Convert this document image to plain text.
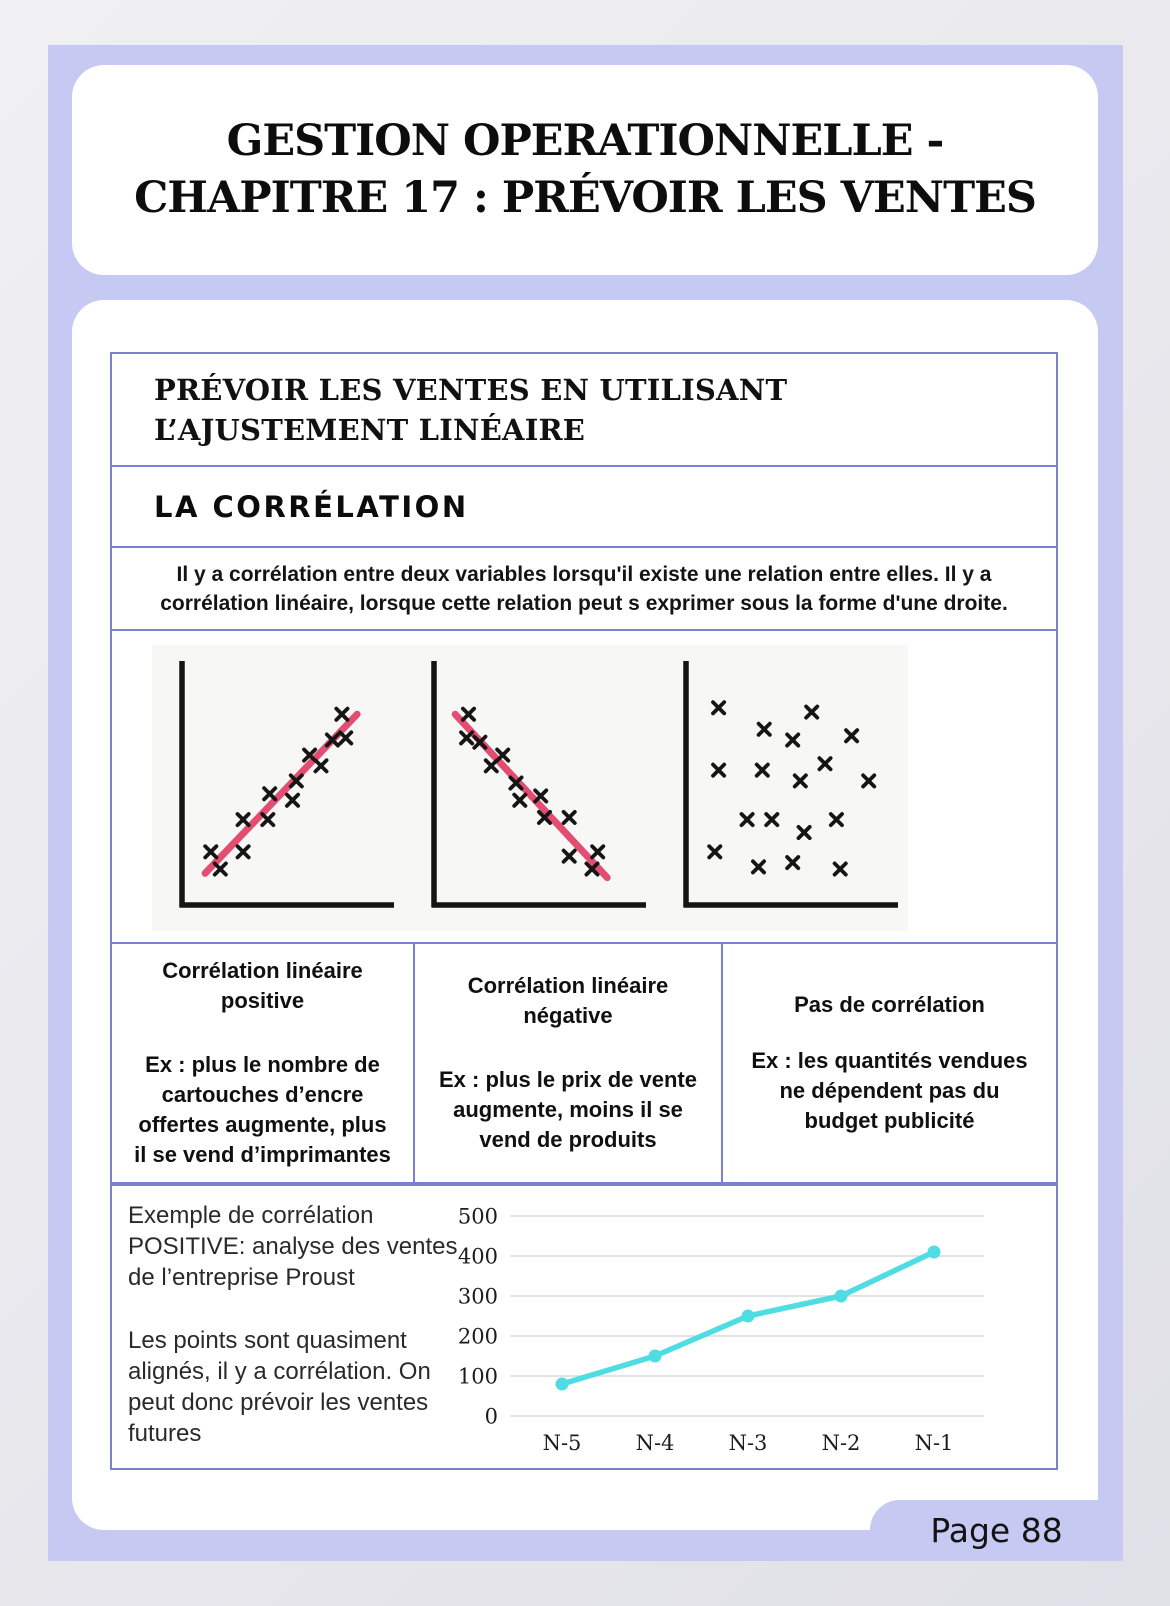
GESTION OPERATIONNELLE -
CHAPITRE 17 : PRÉVOIR LES VENTES
PRÉVOIR LES VENTES EN UTILISANT L’AJUSTEMENT LINÉAIRE
LA CORRÉLATION

Il y a corrélation entre deux variables lorsqu'il existe une relation entre elles. Il y a corrélation linéaire, lorsque cette relation peut s exprimer sous la forme d'une droite.

Corrélation linéaire positive
Ex : plus le nombre de cartouches d’encre offertes augmente, plus il se vend d’imprimantes
Corrélation linéaire négative
Ex : plus le prix de vente augmente, moins il se vend de produits
Pas de corrélation
Ex : les quantités vendues ne dépendent pas du budget publicité

Exemple de corrélation POSITIVE: analyse des ventes de l’entreprise Proust

Les points sont quasiment alignés, il y a corrélation. On peut donc prévoir les ventes futures

0
100
200
300
400
500
N-5	N-4	N-3	N-2	N-1
Page 88
